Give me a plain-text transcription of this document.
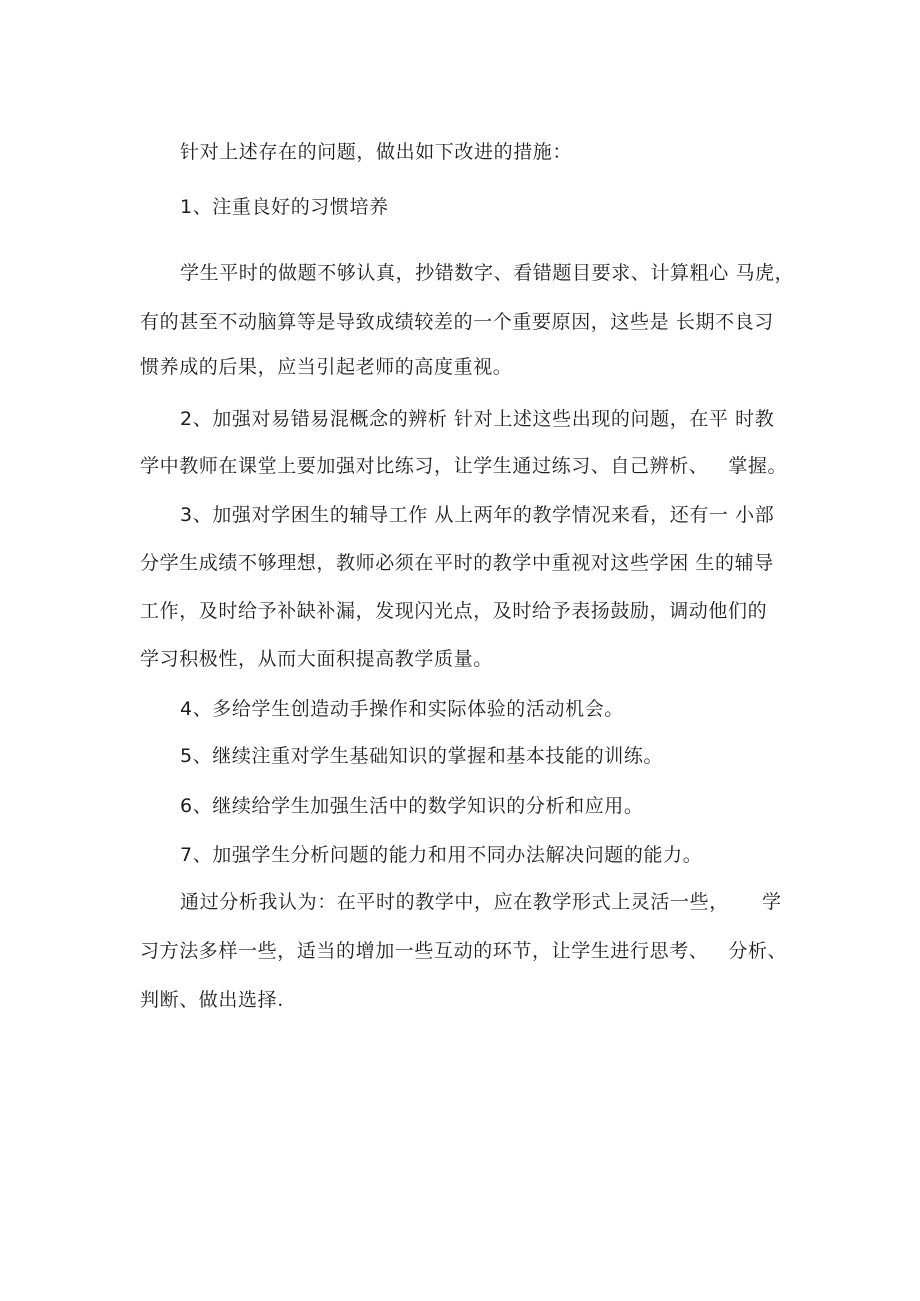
针对上述存在的问题，做出如下改进的措施：
1、注重良好的习惯培养
学生平时的做题不够认真，抄错数字、看错题目要求、计算粗心 马虎，
有的甚至不动脑算等是导致成绩较差的一个重要原因，这些是 长期不良习
惯养成的后果，应当引起老师的高度重视。
2、加强对易错易混概念的辨析 针对上述这些出现的问题，在平 时教
学中教师在课堂上要加强对比练习，让学生通过练习、自己辨析、   掌握。
3、加强对学困生的辅导工作 从上两年的教学情况来看，还有一 小部
分学生成绩不够理想，教师必须在平时的教学中重视对这些学困 生的辅导
工作，及时给予补缺补漏，发现闪光点，及时给予表扬鼓励，调动他们的
学习积极性，从而大面积提高教学质量。
4、多给学生创造动手操作和实际体验的活动机会。
5、继续注重对学生基础知识的掌握和基本技能的训练。
6、继续给学生加强生活中的数学知识的分析和应用。
7、加强学生分析问题的能力和用不同办法解决问题的能力。
通过分析我认为：在平时的教学中，应在教学形式上灵活一些，     学
习方法多样一些，适当的增加一些互动的环节，让学生进行思考、   分析、
判断、做出选择.
